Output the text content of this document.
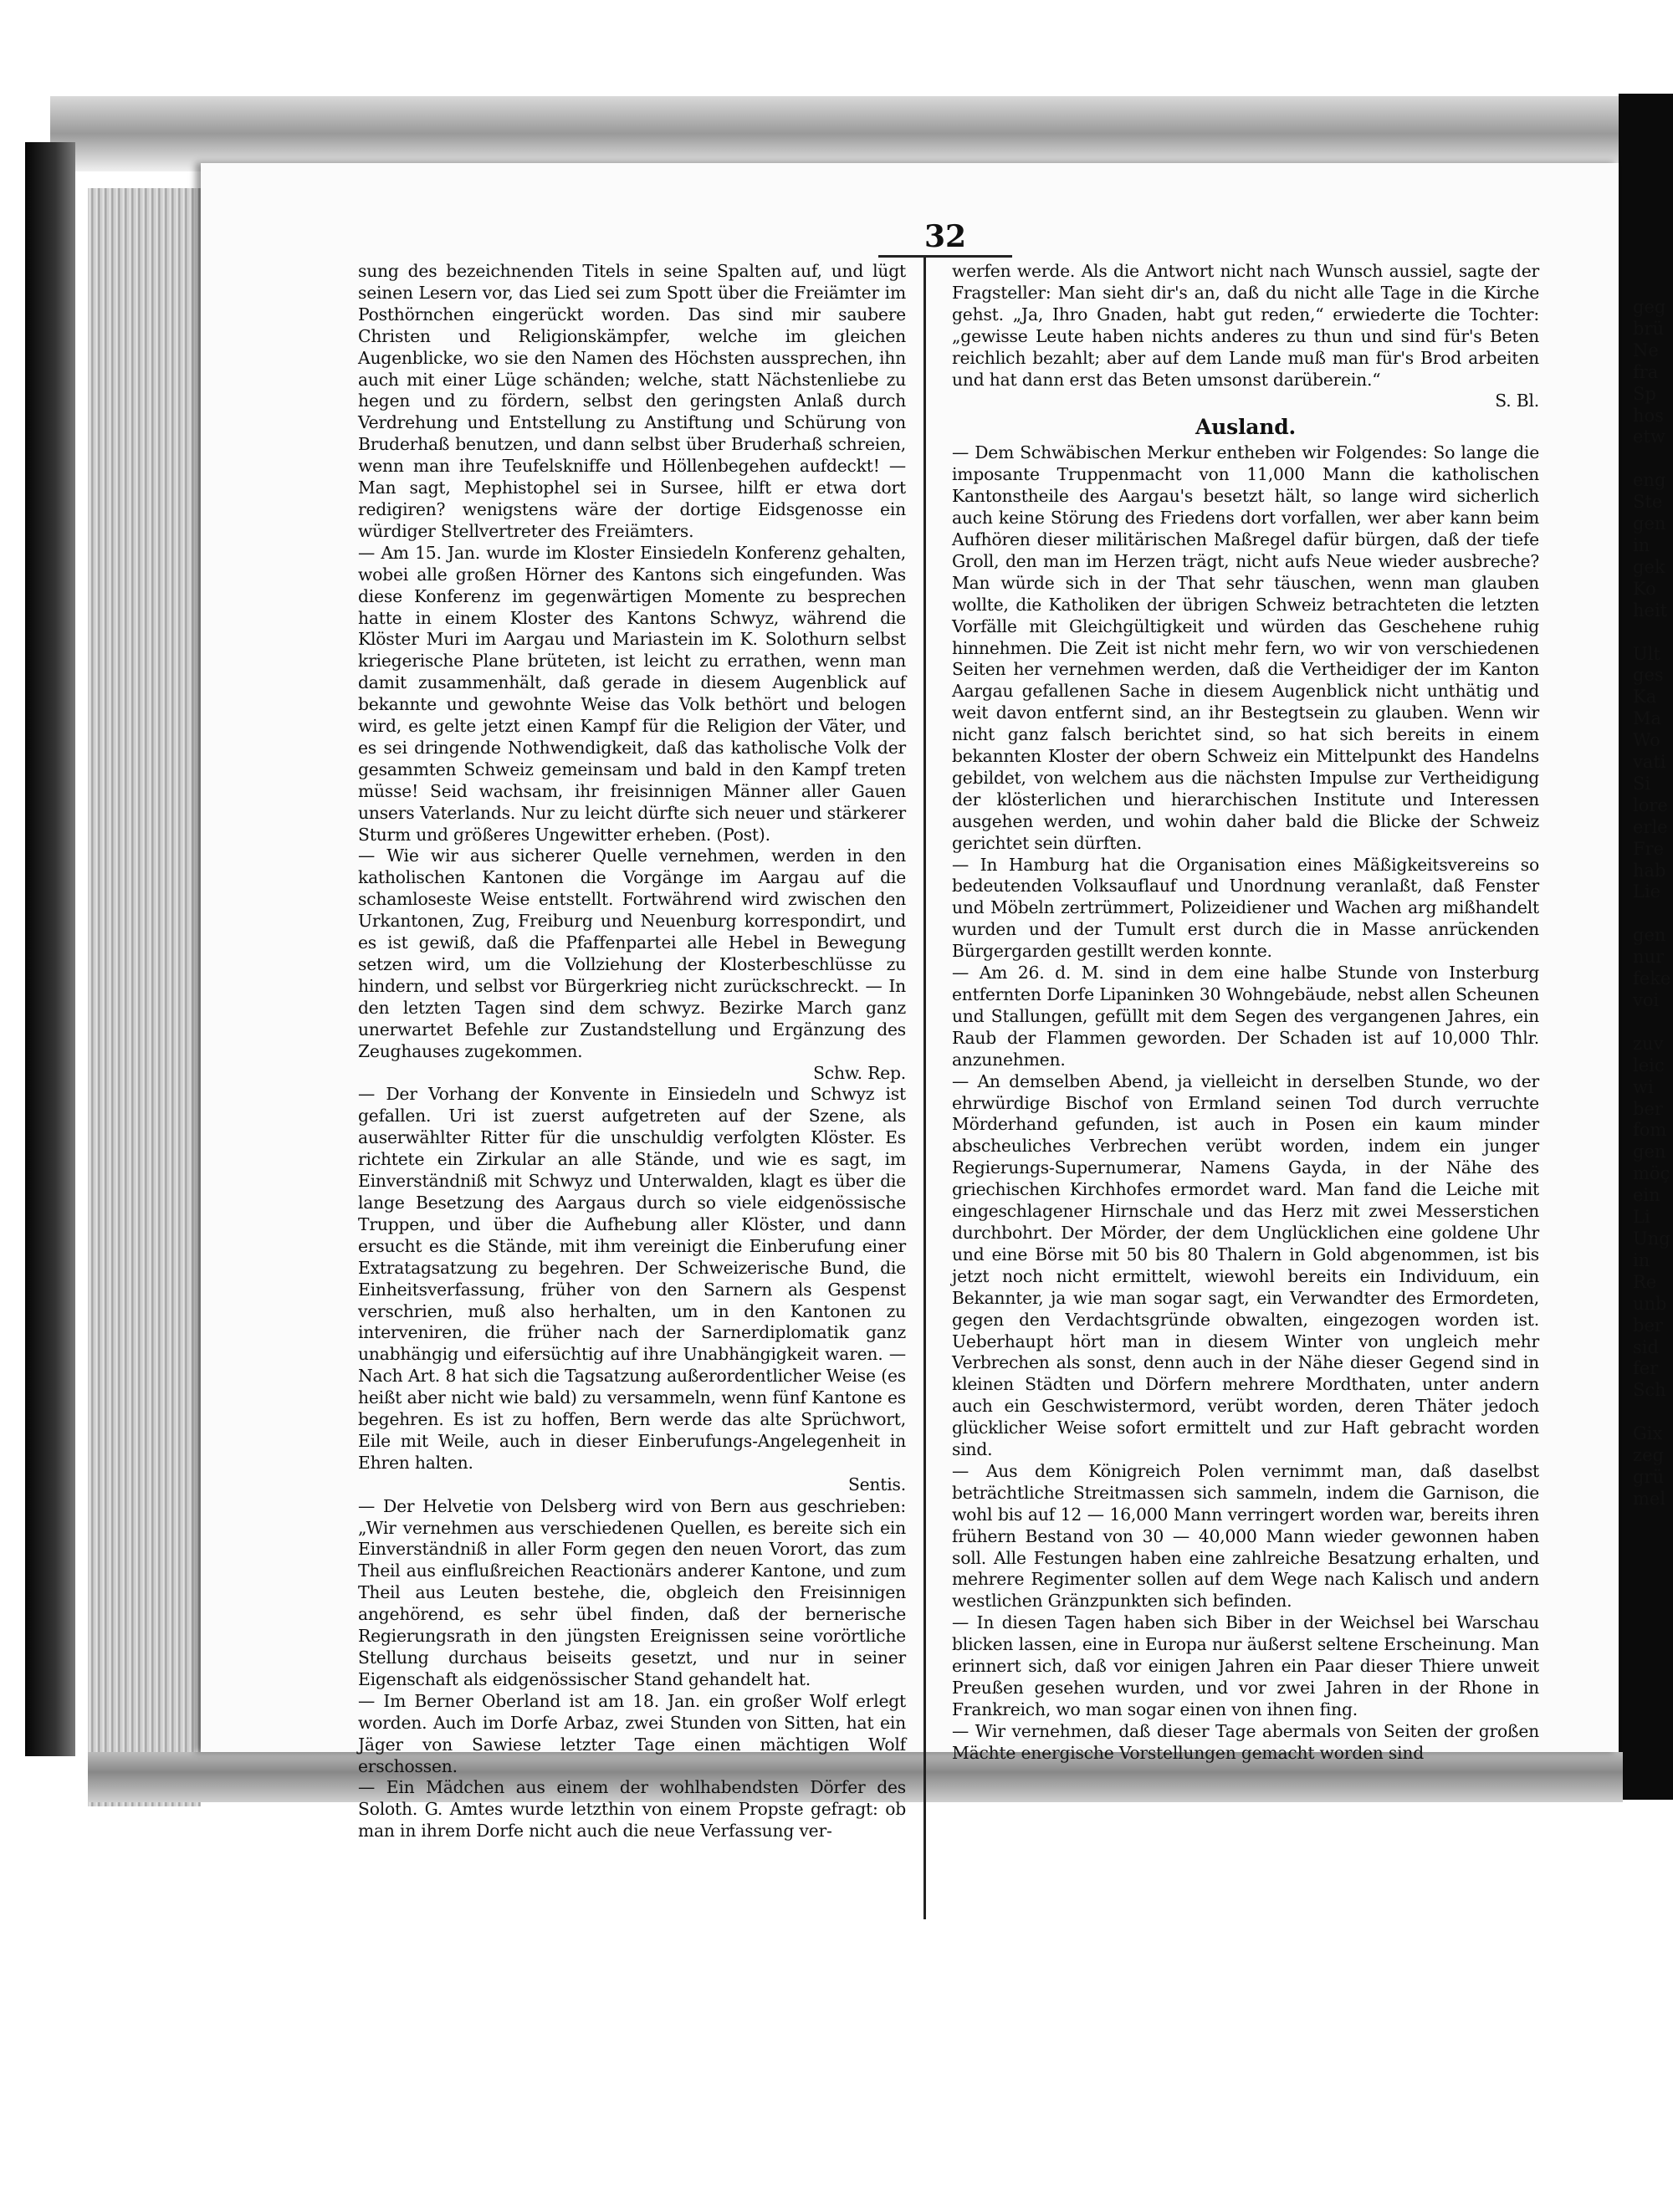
32

sung des bezeichnenden Titels in seine Spalten auf, und lügt seinen Lesern vor, das Lied sei zum Spott über die Freiämter im Posthörnchen eingerückt worden. Das sind mir saubere Christen und Religionskämpfer, welche im gleichen Augenblicke, wo sie den Namen des Höchsten aussprechen, ihn auch mit einer Lüge schänden; welche, statt Nächstenliebe zu hegen und zu fördern, selbst den geringsten Anlaß durch Verdrehung und Entstellung zu Anstiftung und Schürung von Bruderhaß benutzen, und dann selbst über Bruderhaß schreien, wenn man ihre Teufelskniffe und Höllenbegehen aufdeckt! — Man sagt, Mephistophel sei in Sursee, hilft er etwa dort redigiren? wenigstens wäre der dortige Eidsgenosse ein würdiger Stellvertreter des Freiämters.

— Am 15. Jan. wurde im Kloster Einsiedeln Konferenz gehalten, wobei alle großen Hörner des Kantons sich eingefunden. Was diese Konferenz im gegenwärtigen Momente zu besprechen hatte in einem Kloster des Kantons Schwyz, während die Klöster Muri im Aargau und Mariastein im K. Solothurn selbst kriegerische Plane brüteten, ist leicht zu errathen, wenn man damit zusammenhält, daß gerade in diesem Augenblick auf bekannte und gewohnte Weise das Volk bethört und belogen wird, es gelte jetzt einen Kampf für die Religion der Väter, und es sei dringende Nothwendigkeit, daß das katholische Volk der gesammten Schweiz gemeinsam und bald in den Kampf treten müsse! Seid wachsam, ihr freisinnigen Männer aller Gauen unsers Vaterlands. Nur zu leicht dürfte sich neuer und stärkerer Sturm und größeres Ungewitter erheben. (Post).

— Wie wir aus sicherer Quelle vernehmen, werden in den katholischen Kantonen die Vorgänge im Aargau auf die schamloseste Weise entstellt. Fortwährend wird zwischen den Urkantonen, Zug, Freiburg und Neuenburg korrespondirt, und es ist gewiß, daß die Pfaffenpartei alle Hebel in Bewegung setzen wird, um die Vollziehung der Klosterbeschlüsse zu hindern, und selbst vor Bürgerkrieg nicht zurückschreckt. — In den letzten Tagen sind dem schwyz. Bezirke March ganz unerwartet Befehle zur Zustandstellung und Ergänzung des Zeughauses zugekommen.

Schw. Rep.

— Der Vorhang der Konvente in Einsiedeln und Schwyz ist gefallen. Uri ist zuerst aufgetreten auf der Szene, als auserwählter Ritter für die unschuldig verfolgten Klöster. Es richtete ein Zirkular an alle Stände, und wie es sagt, im Einverständniß mit Schwyz und Unterwalden, klagt es über die lange Besetzung des Aargaus durch so viele eidgenössische Truppen, und über die Aufhebung aller Klöster, und dann ersucht es die Stände, mit ihm vereinigt die Einberufung einer Extratagsatzung zu begehren. Der Schweizerische Bund, die Einheitsverfassung, früher von den Sarnern als Gespenst verschrien, muß also herhalten, um in den Kantonen zu interveniren, die früher nach der Sarnerdiplomatik ganz unabhängig und eifersüchtig auf ihre Unabhängigkeit waren. — Nach Art. 8 hat sich die Tagsatzung außerordentlicher Weise (es heißt aber nicht wie bald) zu versammeln, wenn fünf Kantone es begehren. Es ist zu hoffen, Bern werde das alte Sprüchwort, Eile mit Weile, auch in dieser Einberufungs-Angelegenheit in Ehren halten.

Sentis.

— Der Helvetie von Delsberg wird von Bern aus geschrieben: „Wir vernehmen aus verschiedenen Quellen, es bereite sich ein Einverständniß in aller Form gegen den neuen Vorort, das zum Theil aus einflußreichen Reactionärs anderer Kantone, und zum Theil aus Leuten bestehe, die, obgleich den Freisinnigen angehörend, es sehr übel finden, daß der bernerische Regierungsrath in den jüngsten Ereignissen seine vorörtliche Stellung durchaus beiseits gesetzt, und nur in seiner Eigenschaft als eidgenössischer Stand gehandelt hat.

— Im Berner Oberland ist am 18. Jan. ein großer Wolf erlegt worden. Auch im Dorfe Arbaz, zwei Stunden von Sitten, hat ein Jäger von Sawiese letzter Tage einen mächtigen Wolf erschossen.

— Ein Mädchen aus einem der wohlhabendsten Dörfer des Soloth. G. Amtes wurde letzthin von einem Propste gefragt: ob man in ihrem Dorfe nicht auch die neue Verfassung ver-

werfen werde. Als die Antwort nicht nach Wunsch aussiel, sagte der Fragsteller: Man sieht dir's an, daß du nicht alle Tage in die Kirche gehst. „Ja, Ihro Gnaden, habt gut reden,“ erwiederte die Tochter: „gewisse Leute haben nichts anderes zu thun und sind für's Beten reichlich bezahlt; aber auf dem Lande muß man für's Brod arbeiten und hat dann erst das Beten umsonst darüberein.“

S. Bl.

Ausland.

— Dem Schwäbischen Merkur entheben wir Folgendes: So lange die imposante Truppenmacht von 11,000 Mann die katholischen Kantonstheile des Aargau's besetzt hält, so lange wird sicherlich auch keine Störung des Friedens dort vorfallen, wer aber kann beim Aufhören dieser militärischen Maßregel dafür bürgen, daß der tiefe Groll, den man im Herzen trägt, nicht aufs Neue wieder ausbreche? Man würde sich in der That sehr täuschen, wenn man glauben wollte, die Katholiken der übrigen Schweiz betrachteten die letzten Vorfälle mit Gleichgültigkeit und würden das Geschehene ruhig hinnehmen. Die Zeit ist nicht mehr fern, wo wir von verschiedenen Seiten her vernehmen werden, daß die Vertheidiger der im Kanton Aargau gefallenen Sache in diesem Augenblick nicht unthätig und weit davon entfernt sind, an ihr Bestegtsein zu glauben. Wenn wir nicht ganz falsch berichtet sind, so hat sich bereits in einem bekannten Kloster der obern Schweiz ein Mittelpunkt des Handelns gebildet, von welchem aus die nächsten Impulse zur Vertheidigung der klösterlichen und hierarchischen Institute und Interessen ausgehen werden, und wohin daher bald die Blicke der Schweiz gerichtet sein dürften.

— In Hamburg hat die Organisation eines Mäßigkeitsvereins so bedeutenden Volksauflauf und Unordnung veranlaßt, daß Fenster und Möbeln zertrümmert, Polizeidiener und Wachen arg mißhandelt wurden und der Tumult erst durch die in Masse anrückenden Bürgergarden gestillt werden konnte.

— Am 26. d. M. sind in dem eine halbe Stunde von Insterburg entfernten Dorfe Lipaninken 30 Wohngebäude, nebst allen Scheunen und Stallungen, gefüllt mit dem Segen des vergangenen Jahres, ein Raub der Flammen geworden. Der Schaden ist auf 10,000 Thlr. anzunehmen.

— An demselben Abend, ja vielleicht in derselben Stunde, wo der ehrwürdige Bischof von Ermland seinen Tod durch verruchte Mörderhand gefunden, ist auch in Posen ein kaum minder abscheuliches Verbrechen verübt worden, indem ein junger Regierungs-Supernumerar, Namens Gayda, in der Nähe des griechischen Kirchhofes ermordet ward. Man fand die Leiche mit eingeschlagener Hirnschale und das Herz mit zwei Messerstichen durchbohrt. Der Mörder, der dem Unglücklichen eine goldene Uhr und eine Börse mit 50 bis 80 Thalern in Gold abgenommen, ist bis jetzt noch nicht ermittelt, wiewohl bereits ein Individuum, ein Bekannter, ja wie man sogar sagt, ein Verwandter des Ermordeten, gegen den Verdachtsgründe obwalten, eingezogen worden ist. Ueberhaupt hört man in diesem Winter von ungleich mehr Verbrechen als sonst, denn auch in der Nähe dieser Gegend sind in kleinen Städten und Dörfern mehrere Mordthaten, unter andern auch ein Geschwistermord, verübt worden, deren Thäter jedoch glücklicher Weise sofort ermittelt und zur Haft gebracht worden sind.

— Aus dem Königreich Polen vernimmt man, daß daselbst beträchtliche Streitmassen sich sammeln, indem die Garnison, die wohl bis auf 12 — 16,000 Mann verringert worden war, bereits ihren frühern Bestand von 30 — 40,000 Mann wieder gewonnen haben soll. Alle Festungen haben eine zahlreiche Besatzung erhalten, und mehrere Regimenter sollen auf dem Wege nach Kalisch und andern westlichen Gränzpunkten sich befinden.

— In diesen Tagen haben sich Biber in der Weichsel bei Warschau blicken lassen, eine in Europa nur äußerst seltene Erscheinung. Man erinnert sich, daß vor einigen Jahren ein Paar dieser Thiere unweit Preußen gesehen wurden, und vor zwei Jahren in der Rhone in Frankreich, wo man sogar einen von ihnen fing.

— Wir vernehmen, daß dieser Tage abermals von Seiten der großen Mächte energische Vorstellungen gemacht worden sind

geg
brü
Ne
fra
Sp
hos
etw

eng
Ste
gen
in
gek
Ko
heit

Ult
ges
Ka
Ma
Wo
vati
Si
lore
erle
Fre
hab
Lie

gen
nur
feke
voi

zuv
leic
wi
ber
fom
gen
möç
ein
Li
Ung
in
Re
unb
ber
sid
fer
Sch

Gix
zeg
grü
mel
